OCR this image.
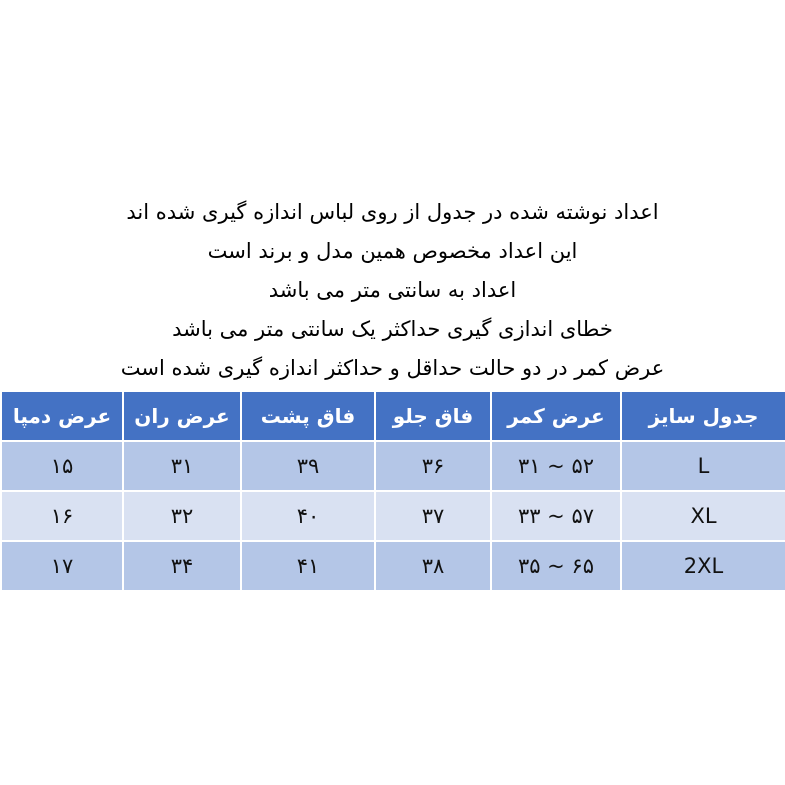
اعداد نوشته شده در جدول از روی لباس اندازه گیری شده اند
این اعداد مخصوص همین مدل و برند است
اعداد به سانتی متر می باشد
خطای اندازی گیری حداکثر یک سانتی متر می باشد
عرض کمر در دو حالت حداقل و حداکثر اندازه گیری شده است
جدول سایز	عرض کمر	فاق جلو	فاق پشت	عرض ران	عرض دمپا
L	۳۱ ~ ۵۲	۳۶	۳۹	۳۱	۱۵
XL	۳۳ ~ ۵۷	۳۷	۴۰	۳۲	۱۶
2XL	۳۵ ~ ۶۵	۳۸	۴۱	۳۴	۱۷
